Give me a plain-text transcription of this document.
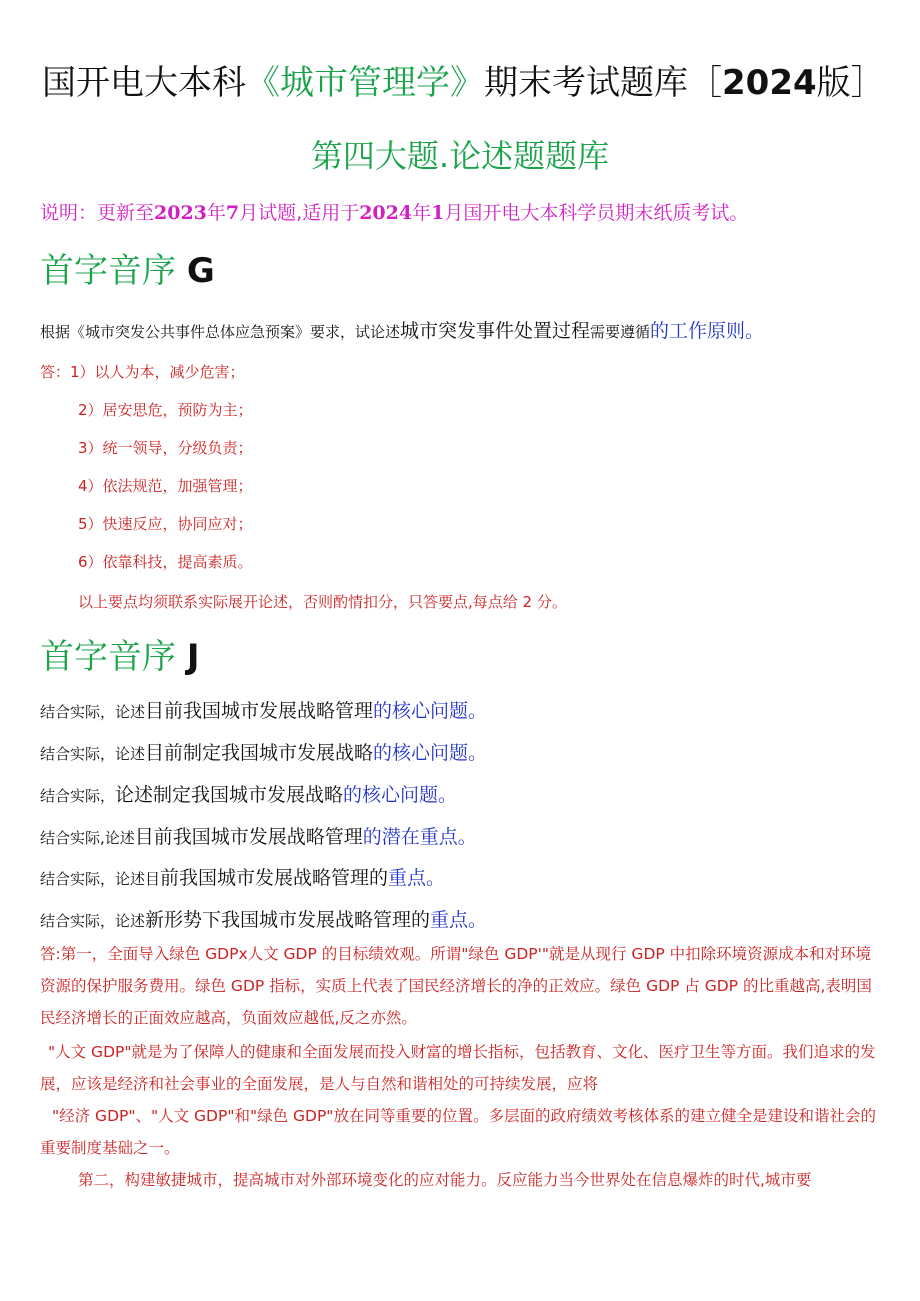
国开电大本科《城市管理学》期末考试题库［2024版］
第四大题.论述题题库
说明：更新至2023年7月试题,适用于2024年1月国开电大本科学员期末纸质考试。
首字音序 G
根据《城市突发公共事件总体应急预案》要求，试论述城市突发事件处置过程需要遵循的工作原则。
答：1）以人为本，减少危害；
2）居安思危，预防为主；
3）统一领导，分级负责；
4）依法规范，加强管理；
5）快速反应，协同应对；
6）依靠科技，提高素质。
以上要点均须联系实际展开论述，否则酌情扣分，只答要点,每点给 2 分。
首字音序 J
结合实际，论述目前我国城市发展战略管理的核心问题。
结合实际，论述目前制定我国城市发展战略的核心问题。
结合实际，论述制定我国城市发展战略的核心问题。
结合实际,论述目前我国城市发展战略管理的潜在重点。
结合实际，论述目前我国城市发展战略管理的重点。
结合实际，论述新形势下我国城市发展战略管理的重点。
答:第一，全面导入绿色 GDPx人文 GDP 的目标绩效观。所谓"绿色 GDP'"就是从现行 GDP 中扣除环境资源成本和对环境资源的保护服务费用。绿色 GDP 指标，实质上代表了国民经济增长的净的正效应。绿色 GDP 占 GDP 的比重越高,表明国民经济增长的正面效应越高，负面效应越低,反之亦然。
"人文 GDP"就是为了保障人的健康和全面发展而投入财富的增长指标，包括教育、文化、医疗卫生等方面。我们追求的发展，应该是经济和社会事业的全面发展，是人与自然和谐相处的可持续发展，应将
"经济 GDP"、"人文 GDP"和"绿色 GDP"放在同等重要的位置。多层面的政府绩效考核体系的建立健全是建设和谐社会的重要制度基础之一。
第二，构建敏捷城市，提高城市对外部环境变化的应对能力。反应能力当今世界处在信息爆炸的时代,城市要
